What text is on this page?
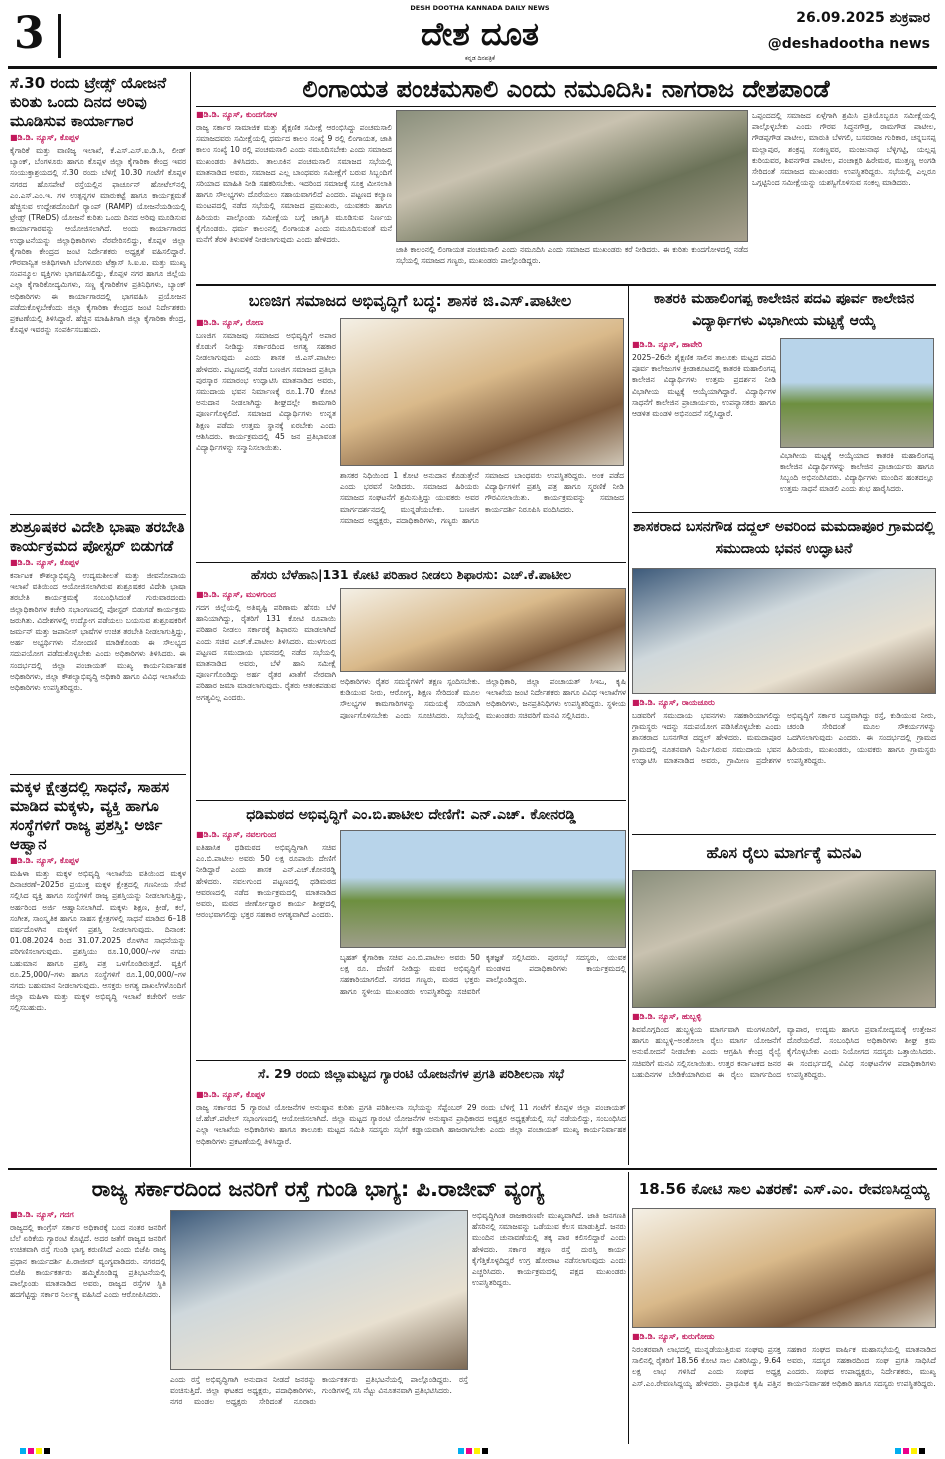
3	DESH DOOTHA KANNADA DAILY NEWS
ದೇಶ ದೂತ
ಕನ್ನಡ ದಿನಪತ್ರಿಕೆ
26.09.2025 ಶುಕ್ರವಾರ
@deshadootha news
ಸೆ.30 ರಂದು ಟ್ರೇಡ್ಸ್ ಯೋಜನೆ ಕುರಿತು ಒಂದು ದಿನದ ಅರಿವು ಮೂಡಿಸುವ ಕಾರ್ಯಾಗಾರ
■ಡಿ.ಡಿ. ನ್ಯೂಸ್, ಕೊಪ್ಪಳ
ಕೈಗಾರಿಕೆ ಮತ್ತು ವಾಣಿಜ್ಯ ಇಲಾಖೆ, ಕೆ.ಎಸ್.ಎಸ್.ಐ.ಡಿ.ಸಿ, ಲೀಡ್ ಬ್ಯಾಂಕ್, ಬೆಂಗಳೂರು ಹಾಗೂ ಕೊಪ್ಪಳ ಜಿಲ್ಲಾ ಕೈಗಾರಿಕಾ ಕೇಂದ್ರ ಇವರ ಸಂಯುಕ್ತಾಶ್ರಯದಲ್ಲಿ ಸೆ.30 ರಂದು ಬೆಳಿಗ್ಗೆ 10.30 ಗಂಟೆಗೆ ಕೊಪ್ಪಳ ನಗರದ ಹೊಸಪೇಟೆ ರಸ್ತೆಯಲ್ಲಿನ ಫಾರ್ಚೂನ್ ಹೋಟೆಲ್‌ನಲ್ಲಿ ಎಂ.ಎಸ್.ಎಂ.ಇ. ಗಳ ಉತ್ಪನ್ನಗಳ ಮಾರುಕಟ್ಟೆ ಹಾಗೂ ಕಾರ್ಯಕ್ಷಮತೆ ಹೆಚ್ಚಿಸುವ ಉದ್ದೇಶದೊಂದಿಗೆ ರ‍್ಯಾಂಪ್ (RAMP) ಯೋಜನೆಯಡಿಯಲ್ಲಿ ಟ್ರೇಡ್ಸ್ (TReDS) ಯೋಜನೆ ಕುರಿತು ಒಂದು ದಿನದ ಅರಿವು ಮೂಡಿಸುವ ಕಾರ್ಯಾಗಾರವನ್ನು ಆಯೋಜಿಸಲಾಗಿದೆ. ಅಂದು ಕಾರ್ಯಾಗಾರದ ಉದ್ಘಾಟನೆಯನ್ನು ಜಿಲ್ಲಾಧಿಕಾರಿಗಳು ನೆರವೇರಿಸಲಿದ್ದು, ಕೊಪ್ಪಳ ಜಿಲ್ಲಾ ಕೈಗಾರಿಕಾ ಕೇಂದ್ರದ ಜಂಟಿ ನಿರ್ದೇಶಕರು ಅಧ್ಯಕ್ಷತೆ ವಹಿಸಲಿದ್ದಾರೆ. ಗೌರವಾನ್ವಿತ ಅತಿಥಿಗಳಾಗಿ ಬೆಂಗಳೂರು ಟೆಕ್ಸಾಸ್ ಸಿ.ಐ.ಐ. ಮತ್ತು ಮುಖ್ಯ ಸಂಪನ್ಮೂಲ ವ್ಯಕ್ತಿಗಳು ಭಾಗವಹಿಸಲಿದ್ದು, ಕೊಪ್ಪಳ ನಗರ ಹಾಗೂ ಜಿಲ್ಲೆಯ ಎಲ್ಲಾ ಕೈಗಾರಿಕೋದ್ಯಮಿಗಳು, ಸಣ್ಣ ಕೈಗಾರಿಕೆಗಳ ಪ್ರತಿನಿಧಿಗಳು, ಬ್ಯಾಂಕ್ ಅಧಿಕಾರಿಗಳು ಈ ಕಾರ್ಯಾಗಾರದಲ್ಲಿ ಭಾಗವಹಿಸಿ ಪ್ರಯೋಜನ ಪಡೆದುಕೊಳ್ಳಬೇಕೆಂದು ಜಿಲ್ಲಾ ಕೈಗಾರಿಕಾ ಕೇಂದ್ರದ ಜಂಟಿ ನಿರ್ದೇಶಕರು ಪ್ರಕಟಣೆಯಲ್ಲಿ ತಿಳಿಸಿದ್ದಾರೆ. ಹೆಚ್ಚಿನ ಮಾಹಿತಿಗಾಗಿ ಜಿಲ್ಲಾ ಕೈಗಾರಿಕಾ ಕೇಂದ್ರ, ಕೊಪ್ಪಳ ಇವರನ್ನು ಸಂಪರ್ಕಿಸಬಹುದು.
ಶುಶ್ರೂಷಕರ ವಿದೇಶಿ ಭಾಷಾ ತರಬೇತಿ ಕಾರ್ಯಕ್ರಮದ ಪೋಸ್ಟರ್ ಬಿಡುಗಡೆ
■ಡಿ.ಡಿ. ನ್ಯೂಸ್, ಕೊಪ್ಪಳ
ಕರ್ನಾಟಕ ಕೌಶಲ್ಯಾಭಿವೃದ್ಧಿ ಉದ್ಯಮಶೀಲತೆ ಮತ್ತು ಜೀವನೋಪಾಯ ಇಲಾಖೆ ವತಿಯಿಂದ ಆಯೋಜಿಸಲಾಗಿರುವ ಶುಶ್ರೂಷಕರ ವಿದೇಶಿ ಭಾಷಾ ತರಬೇತಿ ಕಾರ್ಯಕ್ರಮಕ್ಕೆ ಸಂಬಂಧಿಸಿದಂತೆ ಗುರುವಾರದಂದು ಜಿಲ್ಲಾಧಿಕಾರಿಗಳ ಕಚೇರಿ ಸಭಾಂಗಣದಲ್ಲಿ ಪೋಸ್ಟರ್ ಬಿಡುಗಡೆ ಕಾರ್ಯಕ್ರಮ ಜರುಗಿತು. ವಿದೇಶಗಳಲ್ಲಿ ಉದ್ಯೋಗ ಪಡೆಯಲು ಬಯಸುವ ಶುಶ್ರೂಷಕರಿಗೆ ಜರ್ಮನ್ ಮತ್ತು ಜಪಾನೀಸ್ ಭಾಷೆಗಳ ಉಚಿತ ತರಬೇತಿ ನೀಡಲಾಗುತ್ತಿದ್ದು, ಅರ್ಹ ಅಭ್ಯರ್ಥಿಗಳು ನೋಂದಣಿ ಮಾಡಿಕೊಂಡು ಈ ಸೌಲಭ್ಯದ ಸದುಪಯೋಗ ಪಡೆದುಕೊಳ್ಳಬೇಕು ಎಂದು ಅಧಿಕಾರಿಗಳು ತಿಳಿಸಿದರು. ಈ ಸಂದರ್ಭದಲ್ಲಿ ಜಿಲ್ಲಾ ಪಂಚಾಯತ್ ಮುಖ್ಯ ಕಾರ್ಯನಿರ್ವಾಹಕ ಅಧಿಕಾರಿಗಳು, ಜಿಲ್ಲಾ ಕೌಶಲ್ಯಾಭಿವೃದ್ಧಿ ಅಧಿಕಾರಿ ಹಾಗೂ ವಿವಿಧ ಇಲಾಖೆಯ ಅಧಿಕಾರಿಗಳು ಉಪಸ್ಥಿತರಿದ್ದರು.
ಮಕ್ಕಳ ಕ್ಷೇತ್ರದಲ್ಲಿ ಸಾಧನೆ, ಸಾಹಸ ಮಾಡಿದ ಮಕ್ಕಳು, ವ್ಯಕ್ತಿ ಹಾಗೂ ಸಂಸ್ಥೆಗಳಿಗೆ ರಾಜ್ಯ ಪ್ರಶಸ್ತಿ: ಅರ್ಜಿ ಆಹ್ವಾನ
■ಡಿ.ಡಿ. ನ್ಯೂಸ್, ಕೊಪ್ಪಳ
ಮಹಿಳಾ ಮತ್ತು ಮಕ್ಕಳ ಅಭಿವೃದ್ಧಿ ಇಲಾಖೆಯ ವತಿಯಿಂದ ಮಕ್ಕಳ ದಿನಾಚರಣೆ–2025ರ ಪ್ರಯುಕ್ತ ಮಕ್ಕಳ ಕ್ಷೇತ್ರದಲ್ಲಿ ಗಣನೀಯ ಸೇವೆ ಸಲ್ಲಿಸಿದ ವ್ಯಕ್ತಿ ಹಾಗೂ ಸಂಸ್ಥೆಗಳಿಗೆ ರಾಜ್ಯ ಪ್ರಶಸ್ತಿಯನ್ನು ನೀಡಲಾಗುತ್ತಿದ್ದು, ಅರ್ಹರಿಂದ ಅರ್ಜಿ ಆಹ್ವಾನಿಸಲಾಗಿದೆ. ಮಕ್ಕಳು ಶಿಕ್ಷಣ, ಕ್ರೀಡೆ, ಕಲೆ, ಸಂಗೀತ, ಸಾಂಸ್ಕೃತಿಕ ಹಾಗೂ ಸಾಹಸ ಕ್ಷೇತ್ರಗಳಲ್ಲಿ ಸಾಧನೆ ಮಾಡಿದ 6–18 ವರ್ಷದೊಳಗಿನ ಮಕ್ಕಳಿಗೆ ಪ್ರಶಸ್ತಿ ನೀಡಲಾಗುವುದು. ದಿನಾಂಕ: 01.08.2024 ರಿಂದ 31.07.2025 ರೊಳಗಿನ ಸಾಧನೆಯನ್ನು ಪರಿಗಣಿಸಲಾಗುವುದು. ಪ್ರಶಸ್ತಿಯು ರೂ.10,000/–ಗಳ ನಗದು ಬಹುಮಾನ ಹಾಗೂ ಪ್ರಶಸ್ತಿ ಪತ್ರ ಒಳಗೊಂಡಿರುತ್ತದೆ. ವ್ಯಕ್ತಿಗೆ ರೂ.25,000/–ಗಳು ಹಾಗೂ ಸಂಸ್ಥೆಗಳಿಗೆ ರೂ.1,00,000/–ಗಳ ನಗದು ಬಹುಮಾನ ನೀಡಲಾಗುವುದು. ಆಸಕ್ತರು ಅಗತ್ಯ ದಾಖಲೆಗಳೊಂದಿಗೆ ಜಿಲ್ಲಾ ಮಹಿಳಾ ಮತ್ತು ಮಕ್ಕಳ ಅಭಿವೃದ್ಧಿ ಇಲಾಖೆ ಕಚೇರಿಗೆ ಅರ್ಜಿ ಸಲ್ಲಿಸಬಹುದು.
ಲಿಂಗಾಯತ ಪಂಚಮಸಾಲಿ ಎಂದು ನಮೂದಿಸಿ: ನಾಗರಾಜ ದೇಶಪಾಂಡೆ
■ಡಿ.ಡಿ. ನ್ಯೂಸ್, ಕುಂದಗೋಳ
ರಾಜ್ಯ ಸರ್ಕಾರ ಸಾಮಾಜಿಕ ಮತ್ತು ಶೈಕ್ಷಣಿಕ ಸಮೀಕ್ಷೆ ಆರಂಭಿಸಿದ್ದು ಪಂಚಮಸಾಲಿ ಸಮಾಜದವರು ಸಮೀಕ್ಷೆಯಲ್ಲಿ ಧರ್ಮದ ಕಾಲಂ ಸಂಖ್ಯೆ 9 ರಲ್ಲಿ ಲಿಂಗಾಯತ, ಜಾತಿ ಕಾಲಂ ಸಂಖ್ಯೆ 10 ರಲ್ಲಿ ಪಂಚಮಸಾಲಿ ಎಂದು ನಮೂದಿಸಬೇಕು ಎಂದು ಸಮಾಜದ ಮುಖಂಡರು ತಿಳಿಸಿದರು. ತಾಲೂಕಿನ ಪಂಚಮಸಾಲಿ ಸಮಾಜದ ಸಭೆಯಲ್ಲಿ ಮಾತನಾಡಿದ ಅವರು, ಸಮಾಜದ ಎಲ್ಲ ಬಾಂಧವರು ಸಮೀಕ್ಷೆಗೆ ಬರುವ ಸಿಬ್ಬಂದಿಗೆ ಸರಿಯಾದ ಮಾಹಿತಿ ನೀಡಿ ಸಹಕರಿಸಬೇಕು. ಇದರಿಂದ ಸಮಾಜಕ್ಕೆ ಸೂಕ್ತ ಮೀಸಲಾತಿ ಹಾಗೂ ಸೌಲಭ್ಯಗಳು ದೊರೆಯಲು ಸಹಾಯವಾಗಲಿದೆ ಎಂದರು. ಪಟ್ಟಣದ ಕಲ್ಯಾಣ ಮಂಟಪದಲ್ಲಿ ನಡೆದ ಸಭೆಯಲ್ಲಿ ಸಮಾಜದ ಪ್ರಮುಖರು, ಯುವಕರು ಹಾಗೂ ಹಿರಿಯರು ಪಾಲ್ಗೊಂಡು ಸಮೀಕ್ಷೆಯ ಬಗ್ಗೆ ಜಾಗೃತಿ ಮೂಡಿಸುವ ನಿರ್ಣಯ ಕೈಗೊಂಡರು. ಧರ್ಮ ಕಾಲಂನಲ್ಲಿ ಲಿಂಗಾಯತ ಎಂದು ನಮೂದಿಸುವಂತೆ ಮನೆ ಮನೆಗೆ ತೆರಳಿ ತಿಳುವಳಿಕೆ ನೀಡಲಾಗುವುದು ಎಂದು ಹೇಳಿದರು.
ಜಾತಿ ಕಾಲಂನಲ್ಲಿ ಲಿಂಗಾಯತ ಪಂಚಮಸಾಲಿ ಎಂದು ನಮೂದಿಸಿ ಎಂದು ಸಮಾಜದ ಮುಖಂಡರು ಕರೆ ನೀಡಿದರು. ಈ ಕುರಿತು ಕುಂದಗೋಳದಲ್ಲಿ ನಡೆದ ಸಭೆಯಲ್ಲಿ ಸಮಾಜದ ಗಣ್ಯರು, ಮುಖಂಡರು ಪಾಲ್ಗೊಂಡಿದ್ದರು.
ಒಪ್ಪಂದದಲ್ಲಿ ಸಮಾಜದ ಏಳ್ಗೆಗಾಗಿ ಶ್ರಮಿಸಿ ಪ್ರತಿಯೊಬ್ಬರೂ ಸಮೀಕ್ಷೆಯಲ್ಲಿ ಪಾಲ್ಗೊಳ್ಳಬೇಕು ಎಂದು ಗೌರವ ಸಿದ್ಧನಗೌಡ್ರ, ರಾಮಗೌಡ ಪಾಟೀಲ, ಗೌಡಪ್ಪಗೌಡ ಪಾಟೀಲ, ಮಾರುತಿ ಬೆಳಗಲಿ, ಬಸವರಾಜ ಗುರಿಕಾರ, ಚನ್ನಬಸಪ್ಪ ಮಲ್ಲಾಪುರ, ಶಂಕ್ರಪ್ಪ ಸಂಕಣ್ಣವರ, ಮಂಜುನಾಥ ಬೆಳ್ಳಿಗಟ್ಟಿ, ಯಲ್ಲಪ್ಪ ಕುರಿಯವರ, ಶಿವನಗೌಡ ಪಾಟೀಲ, ಪಂಚಾಕ್ಷರಿ ಹಿರೇಮಠ, ಮುತ್ತಣ್ಣ ಅಂಗಡಿ ಸೇರಿದಂತೆ ಸಮಾಜದ ಮುಖಂಡರು ಉಪಸ್ಥಿತರಿದ್ದರು. ಸಭೆಯಲ್ಲಿ ಎಲ್ಲರೂ ಒಗ್ಗಟ್ಟಿನಿಂದ ಸಮೀಕ್ಷೆಯನ್ನು ಯಶಸ್ವಿಗೊಳಿಸುವ ಸಂಕಲ್ಪ ಮಾಡಿದರು.
ಬಣಜಿಗ ಸಮಾಜದ ಅಭಿವೃದ್ಧಿಗೆ ಬದ್ಧ: ಶಾಸಕ ಜಿ.ಎಸ್.ಪಾಟೀಲ
■ಡಿ.ಡಿ. ನ್ಯೂಸ್, ರೋಣ
ಬಣಜಿಗ ಸಮಾಜವು ಸಮಾಜದ ಅಭಿವೃದ್ಧಿಗೆ ಅಪಾರ ಕೊಡುಗೆ ನೀಡಿದ್ದು ಸರ್ಕಾರದಿಂದ ಅಗತ್ಯ ಸಹಕಾರ ನೀಡಲಾಗುವುದು ಎಂದು ಶಾಸಕ ಜಿ.ಎಸ್.ಪಾಟೀಲ ಹೇಳಿದರು. ಪಟ್ಟಣದಲ್ಲಿ ನಡೆದ ಬಣಜಿಗ ಸಮಾಜದ ಪ್ರತಿಭಾ ಪುರಸ್ಕಾರ ಸಮಾರಂಭ ಉದ್ಘಾಟಿಸಿ ಮಾತನಾಡಿದ ಅವರು, ಸಮುದಾಯ ಭವನ ನಿರ್ಮಾಣಕ್ಕೆ ರೂ.1.70 ಕೋಟಿ ಅನುದಾನ ನೀಡಲಾಗಿದ್ದು ಶೀಘ್ರದಲ್ಲೇ ಕಾಮಗಾರಿ ಪೂರ್ಣಗೊಳ್ಳಲಿದೆ. ಸಮಾಜದ ವಿದ್ಯಾರ್ಥಿಗಳು ಉನ್ನತ ಶಿಕ್ಷಣ ಪಡೆದು ಉತ್ತಮ ಸ್ಥಾನಕ್ಕೆ ಏರಬೇಕು ಎಂದು ಆಶಿಸಿದರು. ಕಾರ್ಯಕ್ರಮದಲ್ಲಿ 45 ಜನ ಪ್ರತಿಭಾವಂತ ವಿದ್ಯಾರ್ಥಿಗಳನ್ನು ಸನ್ಮಾನಿಸಲಾಯಿತು.
ಶಾಸಕರ ನಿಧಿಯಿಂದ 1 ಕೋಟಿ ಅನುದಾನ ಕೊಡುತ್ತೇನೆ ಎಂದು ಭರವಸೆ ನೀಡಿದರು. ಸಮಾಜದ ಹಿರಿಯರು ಸಮಾಜದ ಸಂಘಟನೆಗೆ ಶ್ರಮಿಸುತ್ತಿದ್ದು ಯುವಕರು ಅವರ ಮಾರ್ಗದರ್ಶನದಲ್ಲಿ ಮುನ್ನಡೆಯಬೇಕು. ಬಣಜಿಗ ಸಮಾಜದ ಅಧ್ಯಕ್ಷರು, ಪದಾಧಿಕಾರಿಗಳು, ಗಣ್ಯರು ಹಾಗೂ ಸಮಾಜದ ಬಾಂಧವರು ಉಪಸ್ಥಿತರಿದ್ದರು. ಅಂಕ ಪಡೆದ ವಿದ್ಯಾರ್ಥಿಗಳಿಗೆ ಪ್ರಶಸ್ತಿ ಪತ್ರ ಹಾಗೂ ಸ್ಮರಣಿಕೆ ನೀಡಿ ಗೌರವಿಸಲಾಯಿತು. ಕಾರ್ಯಕ್ರಮವನ್ನು ಸಮಾಜದ ಕಾರ್ಯದರ್ಶಿ ನಿರೂಪಿಸಿ ವಂದಿಸಿದರು.
ಕಾತರಕಿ ಮಹಾಲಿಂಗಪ್ಪ ಕಾಲೇಜಿನ ಪದವಿ ಪೂರ್ವ ಕಾಲೇಜಿನ ವಿದ್ಯಾರ್ಥಿಗಳು ವಿಭಾಗೀಯ ಮಟ್ಟಕ್ಕೆ ಆಯ್ಕೆ
■ಡಿ.ಡಿ. ನ್ಯೂಸ್, ಹಾವೇರಿ
2025–26ನೇ ಶೈಕ್ಷಣಿಕ ಸಾಲಿನ ತಾಲೂಕು ಮಟ್ಟದ ಪದವಿ ಪೂರ್ವ ಕಾಲೇಜುಗಳ ಕ್ರೀಡಾಕೂಟದಲ್ಲಿ ಕಾತರಕಿ ಮಹಾಲಿಂಗಪ್ಪ ಕಾಲೇಜಿನ ವಿದ್ಯಾರ್ಥಿಗಳು ಉತ್ತಮ ಪ್ರದರ್ಶನ ನೀಡಿ ವಿಭಾಗೀಯ ಮಟ್ಟಕ್ಕೆ ಆಯ್ಕೆಯಾಗಿದ್ದಾರೆ. ವಿದ್ಯಾರ್ಥಿಗಳ ಸಾಧನೆಗೆ ಕಾಲೇಜಿನ ಪ್ರಾಚಾರ್ಯರು, ಉಪನ್ಯಾಸಕರು ಹಾಗೂ ಆಡಳಿತ ಮಂಡಳಿ ಅಭಿನಂದನೆ ಸಲ್ಲಿಸಿದ್ದಾರೆ.
ವಿಭಾಗೀಯ ಮಟ್ಟಕ್ಕೆ ಆಯ್ಕೆಯಾದ ಕಾತರಕಿ ಮಹಾಲಿಂಗಪ್ಪ ಕಾಲೇಜಿನ ವಿದ್ಯಾರ್ಥಿಗಳನ್ನು ಕಾಲೇಜಿನ ಪ್ರಾಚಾರ್ಯರು ಹಾಗೂ ಸಿಬ್ಬಂದಿ ಅಭಿನಂದಿಸಿದರು. ವಿದ್ಯಾರ್ಥಿಗಳು ಮುಂದಿನ ಹಂತದಲ್ಲೂ ಉತ್ತಮ ಸಾಧನೆ ಮಾಡಲಿ ಎಂದು ಶುಭ ಹಾರೈಸಿದರು.
ಶಾಸಕರಾದ ಬಸನಗೌಡ ದದ್ದಲ್ ಅವರಿಂದ ಮಮದಾಪೂರ ಗ್ರಾಮದಲ್ಲಿ ಸಮುದಾಯ ಭವನ ಉದ್ಘಾಟನೆ
■ಡಿ.ಡಿ. ನ್ಯೂಸ್, ರಾಯಚೂರು
ಬಡವರಿಗೆ ಸಮುದಾಯ ಭವನಗಳು ಸಹಕಾರಿಯಾಗಲಿದ್ದು ಗ್ರಾಮಸ್ಥರು ಇದನ್ನು ಸದುಪಯೋಗ ಪಡಿಸಿಕೊಳ್ಳಬೇಕು ಎಂದು ಶಾಸಕರಾದ ಬಸನಗೌಡ ದದ್ದಲ್ ಹೇಳಿದರು. ಮಮದಾಪೂರ ಗ್ರಾಮದಲ್ಲಿ ನೂತನವಾಗಿ ನಿರ್ಮಿಸಿರುವ ಸಮುದಾಯ ಭವನ ಉದ್ಘಾಟಿಸಿ ಮಾತನಾಡಿದ ಅವರು, ಗ್ರಾಮೀಣ ಪ್ರದೇಶಗಳ ಅಭಿವೃದ್ಧಿಗೆ ಸರ್ಕಾರ ಬದ್ಧವಾಗಿದ್ದು ರಸ್ತೆ, ಕುಡಿಯುವ ನೀರು, ಚರಂಡಿ ಸೇರಿದಂತೆ ಮೂಲ ಸೌಕರ್ಯಗಳನ್ನು ಒದಗಿಸಲಾಗುವುದು ಎಂದರು. ಈ ಸಂದರ್ಭದಲ್ಲಿ ಗ್ರಾಮದ ಹಿರಿಯರು, ಮುಖಂಡರು, ಯುವಕರು ಹಾಗೂ ಗ್ರಾಮಸ್ಥರು ಉಪಸ್ಥಿತರಿದ್ದರು.
ಹೆಸರು ಬೆಳೆಹಾನಿ|131 ಕೋಟಿ ಪರಿಹಾರ ನೀಡಲು ಶಿಫಾರಸು: ಎಚ್.ಕೆ.ಪಾಟೀಲ
■ಡಿ.ಡಿ. ನ್ಯೂಸ್, ಮುಳಗುಂದ
ಗದಗ ಜಿಲ್ಲೆಯಲ್ಲಿ ಅತಿವೃಷ್ಟಿ ಪರಿಣಾಮ ಹೆಸರು ಬೆಳೆ ಹಾನಿಯಾಗಿದ್ದು, ರೈತರಿಗೆ 131 ಕೋಟಿ ರೂಪಾಯಿ ಪರಿಹಾರ ನೀಡಲು ಸರ್ಕಾರಕ್ಕೆ ಶಿಫಾರಸು ಮಾಡಲಾಗಿದೆ ಎಂದು ಸಚಿವ ಎಚ್.ಕೆ.ಪಾಟೀಲ ತಿಳಿಸಿದರು. ಮುಳಗುಂದ ಪಟ್ಟಣದ ಸಮುದಾಯ ಭವನದಲ್ಲಿ ನಡೆದ ಸಭೆಯಲ್ಲಿ ಮಾತನಾಡಿದ ಅವರು, ಬೆಳೆ ಹಾನಿ ಸಮೀಕ್ಷೆ ಪೂರ್ಣಗೊಂಡಿದ್ದು ಅರ್ಹ ರೈತರ ಖಾತೆಗೆ ನೇರವಾಗಿ ಪರಿಹಾರ ಜಮಾ ಮಾಡಲಾಗುವುದು. ರೈತರು ಆತಂಕಪಡುವ ಅಗತ್ಯವಿಲ್ಲ ಎಂದರು.
ಅಧಿಕಾರಿಗಳು ರೈತರ ಸಮಸ್ಯೆಗಳಿಗೆ ತಕ್ಷಣ ಸ್ಪಂದಿಸಬೇಕು. ಕುಡಿಯುವ ನೀರು, ಆರೋಗ್ಯ, ಶಿಕ್ಷಣ ಸೇರಿದಂತೆ ಮೂಲ ಸೌಲಭ್ಯಗಳ ಕಾಮಗಾರಿಗಳನ್ನು ಸಮಯಕ್ಕೆ ಸರಿಯಾಗಿ ಪೂರ್ಣಗೊಳಿಸಬೇಕು ಎಂದು ಸೂಚಿಸಿದರು. ಸಭೆಯಲ್ಲಿ ಜಿಲ್ಲಾಧಿಕಾರಿ, ಜಿಲ್ಲಾ ಪಂಚಾಯತ್ ಸಿಇಒ, ಕೃಷಿ ಇಲಾಖೆಯ ಜಂಟಿ ನಿರ್ದೇಶಕರು ಹಾಗೂ ವಿವಿಧ ಇಲಾಖೆಗಳ ಅಧಿಕಾರಿಗಳು, ಜನಪ್ರತಿನಿಧಿಗಳು ಉಪಸ್ಥಿತರಿದ್ದರು. ಸ್ಥಳೀಯ ಮುಖಂಡರು ಸಚಿವರಿಗೆ ಮನವಿ ಸಲ್ಲಿಸಿದರು.
ಧಡಿಮಠದ ಅಭಿವೃದ್ಧಿಗೆ ಎಂ.ಬಿ.ಪಾಟೀಲ ದೇಣಿಗೆ: ಎನ್.ಎಚ್. ಕೋನರಡ್ಡಿ
■ಡಿ.ಡಿ. ನ್ಯೂಸ್, ನವಲಗುಂದ
ಐತಿಹಾಸಿಕ ಧಡಿಮಠದ ಅಭಿವೃದ್ಧಿಗಾಗಿ ಸಚಿವ ಎಂ.ಬಿ.ಪಾಟೀಲ ಅವರು 50 ಲಕ್ಷ ರೂಪಾಯಿ ದೇಣಿಗೆ ನೀಡಿದ್ದಾರೆ ಎಂದು ಶಾಸಕ ಎನ್.ಎಚ್.ಕೋನರಡ್ಡಿ ಹೇಳಿದರು. ನವಲಗುಂದ ಪಟ್ಟಣದಲ್ಲಿ ಧಡಿಮಠದ ಆವರಣದಲ್ಲಿ ನಡೆದ ಕಾರ್ಯಕ್ರಮದಲ್ಲಿ ಮಾತನಾಡಿದ ಅವರು, ಮಠದ ಜೀರ್ಣೋದ್ಧಾರ ಕಾರ್ಯ ಶೀಘ್ರದಲ್ಲಿ ಆರಂಭವಾಗಲಿದ್ದು ಭಕ್ತರ ಸಹಕಾರ ಅಗತ್ಯವಾಗಿದೆ ಎಂದರು.
ಬೃಹತ್ ಕೈಗಾರಿಕಾ ಸಚಿವ ಎಂ.ಬಿ.ಪಾಟೀಲ ಅವರು 50 ಲಕ್ಷ ರೂ. ದೇಣಿಗೆ ನೀಡಿದ್ದು ಮಠದ ಅಭಿವೃದ್ಧಿಗೆ ಸಹಕಾರಿಯಾಗಲಿದೆ. ನಗರದ ಗಣ್ಯರು, ಮಠದ ಭಕ್ತರು ಹಾಗೂ ಸ್ಥಳೀಯ ಮುಖಂಡರು ಉಪಸ್ಥಿತರಿದ್ದು ಸಚಿವರಿಗೆ ಕೃತಜ್ಞತೆ ಸಲ್ಲಿಸಿದರು. ಪುರಸಭೆ ಸದಸ್ಯರು, ಯುವಕ ಮಂಡಳದ ಪದಾಧಿಕಾರಿಗಳು ಕಾರ್ಯಕ್ರಮದಲ್ಲಿ ಪಾಲ್ಗೊಂಡಿದ್ದರು.
ಹೊಸ ರೈಲು ಮಾರ್ಗಕ್ಕೆ ಮನವಿ
■ಡಿ.ಡಿ. ನ್ಯೂಸ್, ಹುಬ್ಬಳ್ಳಿ
ಶಿವಮೊಗ್ಗದಿಂದ ಹುಬ್ಬಳ್ಳಿಯ ಮಾರ್ಗವಾಗಿ ಮಂಗಳೂರಿಗೆ, ಹಾಗೂ ಹುಬ್ಬಳ್ಳಿ–ಅಂಕೋಲಾ ರೈಲು ಮಾರ್ಗ ಯೋಜನೆಗೆ ಅನುಮೋದನೆ ನೀಡಬೇಕು ಎಂದು ಆಗ್ರಹಿಸಿ ಕೇಂದ್ರ ರೈಲ್ವೆ ಸಚಿವರಿಗೆ ಮನವಿ ಸಲ್ಲಿಸಲಾಯಿತು. ಉತ್ತರ ಕರ್ನಾಟಕದ ಜನರ ಬಹುದಿನಗಳ ಬೇಡಿಕೆಯಾಗಿರುವ ಈ ರೈಲು ಮಾರ್ಗದಿಂದ ವ್ಯಾಪಾರ, ಉದ್ಯಮ ಹಾಗೂ ಪ್ರವಾಸೋದ್ಯಮಕ್ಕೆ ಉತ್ತೇಜನ ದೊರೆಯಲಿದೆ. ಸಂಬಂಧಿಸಿದ ಅಧಿಕಾರಿಗಳು ಶೀಘ್ರ ಕ್ರಮ ಕೈಗೊಳ್ಳಬೇಕು ಎಂದು ನಿಯೋಗದ ಸದಸ್ಯರು ಒತ್ತಾಯಿಸಿದರು. ಈ ಸಂದರ್ಭದಲ್ಲಿ ವಿವಿಧ ಸಂಘಟನೆಗಳ ಪದಾಧಿಕಾರಿಗಳು ಉಪಸ್ಥಿತರಿದ್ದರು.
ಸೆ. 29 ರಂದು ಜಿಲ್ಲಾಮಟ್ಟದ ಗ್ಯಾರಂಟಿ ಯೋಜನೆಗಳ ಪ್ರಗತಿ ಪರಿಶೀಲನಾ ಸಭೆ
■ಡಿ.ಡಿ. ನ್ಯೂಸ್, ಕೊಪ್ಪಳ
ರಾಜ್ಯ ಸರ್ಕಾರದ 5 ಗ್ಯಾರಂಟಿ ಯೋಜನೆಗಳ ಅನುಷ್ಠಾನ ಕುರಿತು ಪ್ರಗತಿ ಪರಿಶೀಲನಾ ಸಭೆಯನ್ನು ಸೆಪ್ಟೆಂಬರ್ 29 ರಂದು ಬೆಳಿಗ್ಗೆ 11 ಗಂಟೆಗೆ ಕೊಪ್ಪಳ ಜಿಲ್ಲಾ ಪಂಚಾಯತ್ ಜೆ.ಹೆಚ್.ಪಟೇಲ್ ಸಭಾಂಗಣದಲ್ಲಿ ಆಯೋಜಿಸಲಾಗಿದೆ. ಜಿಲ್ಲಾ ಮಟ್ಟದ ಗ್ಯಾರಂಟಿ ಯೋಜನೆಗಳ ಅನುಷ್ಠಾನ ಪ್ರಾಧಿಕಾರದ ಅಧ್ಯಕ್ಷರ ಅಧ್ಯಕ್ಷತೆಯಲ್ಲಿ ಸಭೆ ನಡೆಯಲಿದ್ದು, ಸಂಬಂಧಿಸಿದ ಎಲ್ಲಾ ಇಲಾಖೆಯ ಅಧಿಕಾರಿಗಳು ಹಾಗೂ ತಾಲೂಕು ಮಟ್ಟದ ಸಮಿತಿ ಸದಸ್ಯರು ಸಭೆಗೆ ಕಡ್ಡಾಯವಾಗಿ ಹಾಜರಾಗಬೇಕು ಎಂದು ಜಿಲ್ಲಾ ಪಂಚಾಯತ್ ಮುಖ್ಯ ಕಾರ್ಯನಿರ್ವಾಹಕ ಅಧಿಕಾರಿಗಳು ಪ್ರಕಟಣೆಯಲ್ಲಿ ತಿಳಿಸಿದ್ದಾರೆ.
ರಾಜ್ಯ ಸರ್ಕಾರದಿಂದ ಜನರಿಗೆ ರಸ್ತೆ ಗುಂಡಿ ಭಾಗ್ಯ: ಪಿ.ರಾಜೀವ್ ವ್ಯಂಗ್ಯ
■ಡಿ.ಡಿ. ನ್ಯೂಸ್, ಗದಗ
ರಾಜ್ಯದಲ್ಲಿ ಕಾಂಗ್ರೆಸ್ ಸರ್ಕಾರ ಅಧಿಕಾರಕ್ಕೆ ಬಂದ ನಂತರ ಜನರಿಗೆ ಬೆಲೆ ಏರಿಕೆಯ ಗ್ಯಾರಂಟಿ ಕೊಟ್ಟಿದೆ. ಅದರ ಜತೆಗೆ ರಾಜ್ಯದ ಜನರಿಗೆ ಉಚಿತವಾಗಿ ರಸ್ತೆ ಗುಂಡಿ ಭಾಗ್ಯ ಕರುಣಿಸಿದೆ ಎಂದು ಬಿಜೆಪಿ ರಾಜ್ಯ ಪ್ರಧಾನ ಕಾರ್ಯದರ್ಶಿ ಪಿ.ರಾಜೀವ್ ವ್ಯಂಗ್ಯವಾಡಿದರು. ನಗರದಲ್ಲಿ ಬಿಜೆಪಿ ಕಾರ್ಯಕರ್ತರು ಹಮ್ಮಿಕೊಂಡಿದ್ದ ಪ್ರತಿಭಟನೆಯಲ್ಲಿ ಪಾಲ್ಗೊಂಡು ಮಾತನಾಡಿದ ಅವರು, ರಾಜ್ಯದ ರಸ್ತೆಗಳ ಸ್ಥಿತಿ ಹದಗೆಟ್ಟಿದ್ದು ಸರ್ಕಾರ ನಿರ್ಲಕ್ಷ್ಯ ವಹಿಸಿದೆ ಎಂದು ಆರೋಪಿಸಿದರು.
ಎಂದು ರಸ್ತೆ ಅಭಿವೃದ್ಧಿಗಾಗಿ ಅನುದಾನ ನೀಡದೆ ಜನರನ್ನು ವಂಚಿಸುತ್ತಿದೆ. ಜಿಲ್ಲಾ ಘಟಕದ ಅಧ್ಯಕ್ಷರು, ಪದಾಧಿಕಾರಿಗಳು, ನಗರ ಮಂಡಲ ಅಧ್ಯಕ್ಷರು ಸೇರಿದಂತೆ ನೂರಾರು ಕಾರ್ಯಕರ್ತರು ಪ್ರತಿಭಟನೆಯಲ್ಲಿ ಪಾಲ್ಗೊಂಡಿದ್ದರು. ರಸ್ತೆ ಗುಂಡಿಗಳಲ್ಲಿ ಸಸಿ ನೆಟ್ಟು ವಿನೂತನವಾಗಿ ಪ್ರತಿಭಟಿಸಿದರು.
ಅಭಿವೃದ್ಧಿಗಿಂತ ರಾಜಕಾರಣವೇ ಮುಖ್ಯವಾಗಿದೆ. ಜಾತಿ ಜನಗಣತಿ ಹೆಸರಿನಲ್ಲಿ ಸಮಾಜವನ್ನು ಒಡೆಯುವ ಕೆಲಸ ಮಾಡುತ್ತಿದೆ. ಜನರು ಮುಂದಿನ ಚುನಾವಣೆಯಲ್ಲಿ ತಕ್ಕ ಪಾಠ ಕಲಿಸಲಿದ್ದಾರೆ ಎಂದು ಹೇಳಿದರು. ಸರ್ಕಾರ ತಕ್ಷಣ ರಸ್ತೆ ದುರಸ್ತಿ ಕಾರ್ಯ ಕೈಗೆತ್ತಿಕೊಳ್ಳದಿದ್ದರೆ ಉಗ್ರ ಹೋರಾಟ ನಡೆಸಲಾಗುವುದು ಎಂದು ಎಚ್ಚರಿಸಿದರು. ಕಾರ್ಯಕ್ರಮದಲ್ಲಿ ಪಕ್ಷದ ಮುಖಂಡರು ಉಪಸ್ಥಿತರಿದ್ದರು.
18.56 ಕೋಟಿ ಸಾಲ ವಿತರಣೆ: ಎಸ್.ಎಂ. ರೇವಣಸಿದ್ದಯ್ಯ
■ಡಿ.ಡಿ. ನ್ಯೂಸ್, ಕುರುಗೋಡು
ನಿರಂತರವಾಗಿ ಲಾಭದಲ್ಲಿ ಮುನ್ನಡೆಯುತ್ತಿರುವ ಸಂಘವು ಪ್ರಸಕ್ತ ಸಾಲಿನಲ್ಲಿ ರೈತರಿಗೆ 18.56 ಕೋಟಿ ಸಾಲ ವಿತರಿಸಿದ್ದು, 9.64 ಲಕ್ಷ ಲಾಭ ಗಳಿಸಿದೆ ಎಂದು ಸಂಘದ ಅಧ್ಯಕ್ಷ ಎಸ್.ಎಂ.ರೇವಣಸಿದ್ದಯ್ಯ ಹೇಳಿದರು. ಪ್ರಾಥಮಿಕ ಕೃಷಿ ಪತ್ತಿನ ಸಹಕಾರ ಸಂಘದ ವಾರ್ಷಿಕ ಮಹಾಸಭೆಯಲ್ಲಿ ಮಾತನಾಡಿದ ಅವರು, ಸದಸ್ಯರ ಸಹಕಾರದಿಂದ ಸಂಘ ಪ್ರಗತಿ ಸಾಧಿಸಿದೆ ಎಂದರು. ಸಂಘದ ಉಪಾಧ್ಯಕ್ಷರು, ನಿರ್ದೇಶಕರು, ಮುಖ್ಯ ಕಾರ್ಯನಿರ್ವಾಹಕ ಅಧಿಕಾರಿ ಹಾಗೂ ಸದಸ್ಯರು ಉಪಸ್ಥಿತರಿದ್ದರು.
